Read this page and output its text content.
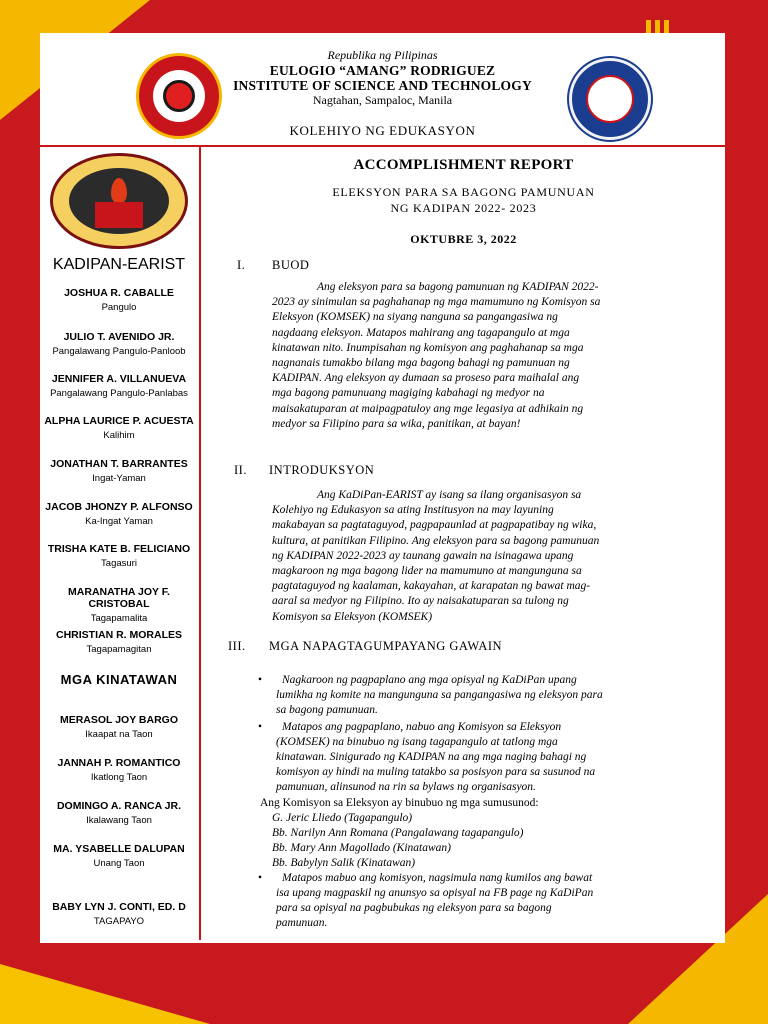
Republika ng Pilipinas
EULOGIO “AMANG” RODRIGUEZ
INSTITUTE OF SCIENCE AND TECHNOLOGY
Nagtahan, Sampaloc, Manila
KOLEHIYO NG EDUKASYON
KADIPAN-EARIST
JOSHUA R. CABALLE
Pangulo
JULIO T. AVENIDO JR.
Pangalawang Pangulo-Panloob
JENNIFER A. VILLANUEVA
Pangalawang Pangulo-Panlabas
ALPHA LAURICE P. ACUESTA
Kalihim
JONATHAN T. BARRANTES
Ingat-Yaman
JACOB JHONZY P. ALFONSO
Ka-Ingat Yaman
TRISHA KATE B. FELICIANO
Tagasuri
MARANATHA JOY F. CRISTOBAL
Tagapamalita
CHRISTIAN R. MORALES
Tagapamagitan
MGA KINATAWAN
MERASOL JOY BARGO
Ikaapat na Taon
JANNAH P. ROMANTICO
Ikatlong Taon
DOMINGO A. RANCA JR.
Ikalawang Taon
MA. YSABELLE DALUPAN
Unang Taon
BABY LYN J. CONTI, ED. D
TAGAPAYO
ACCOMPLISHMENT REPORT
ELEKSYON PARA SA BAGONG PAMUNUAN
NG KADIPAN 2022- 2023
OKTUBRE 3, 2022
I. BUOD
Ang eleksyon para sa bagong pamunuan ng KADIPAN 2022-
2023 ay sinimulan sa paghahanap ng mga mamumuno ng Komisyon sa
Eleksyon (KOMSEK) na siyang nanguna sa pangangasiwa ng
nagdaang eleksyon. Matapos mahirang ang tagapangulo at mga
kinatawan nito. Inumpisahan ng komisyon ang paghahanap sa mga
nagnanais tumakbo bilang mga bagong bahagi ng pamunuan ng
KADIPAN. Ang eleksyon ay dumaan sa proseso para maihalal ang
mga bagong pamunuang magiging kabahagi ng medyor na
maisakatuparan at maipagpatuloy ang mge legasiya at adhikain ng
medyor sa Filipino para sa wika, panitikan, at bayan!
II. INTRODUKSYON
Ang KaDiPan-EARIST ay isang sa ilang organisasyon sa
Kolehiyo ng Edukasyon sa ating Institusyon na may layuning
makabayan sa pagtataguyod, pagpapaunlad at pagpapatibay ng wika,
kultura, at panitikan Filipino. Ang eleksyon para sa bagong pamunuan
ng KADIPAN 2022-2023 ay taunang gawain na isinagawa upang
magkaroon ng mga bagong lider na mamumuno at mangunguna sa
pagtataguyod ng kaalaman, kakayahan, at karapatan ng bawat mag-
aaral sa medyor ng Filipino. Ito ay naisakatuparan sa tulong ng
Komisyon sa Eleksyon (KOMSEK)
III. MGA NAPAGTAGUMPAYANG GAWAIN
•	Nagkaroon ng pagpaplano ang mga opisyal ng KaDiPan upang
lumikha ng komite na mangunguna sa pangangasiwa ng eleksyon para
sa bagong pamunuan.
•	Matapos ang pagpaplano, nabuo ang Komisyon sa Eleksyon
(KOMSEK) na binubuo ng isang tagapangulo at tatlong mga
kinatawan. Sinigurado ng KADIPAN na ang mga naging bahagi ng
komisyon ay hindi na muling tatakbo sa posisyon para sa susunod na
pamunuan, alinsunod na rin sa bylaws ng organisasyon.
Ang Komisyon sa Eleksyon ay binubuo ng mga sumusunod:
G. Jeric Lliedo (Tagapangulo)
Bb. Narilyn Ann Romana (Pangalawang tagapangulo)
Bb. Mary Ann Magollado (Kinatawan)
Bb. Babylyn Salik (Kinatawan)
•	Matapos mabuo ang komisyon, nagsimula nang kumilos ang bawat
isa upang magpaskil ng anunsyo sa opisyal na FB page ng KaDiPan
para sa opisyal na pagbubukas ng eleksyon para sa bagong
pamunuan.
